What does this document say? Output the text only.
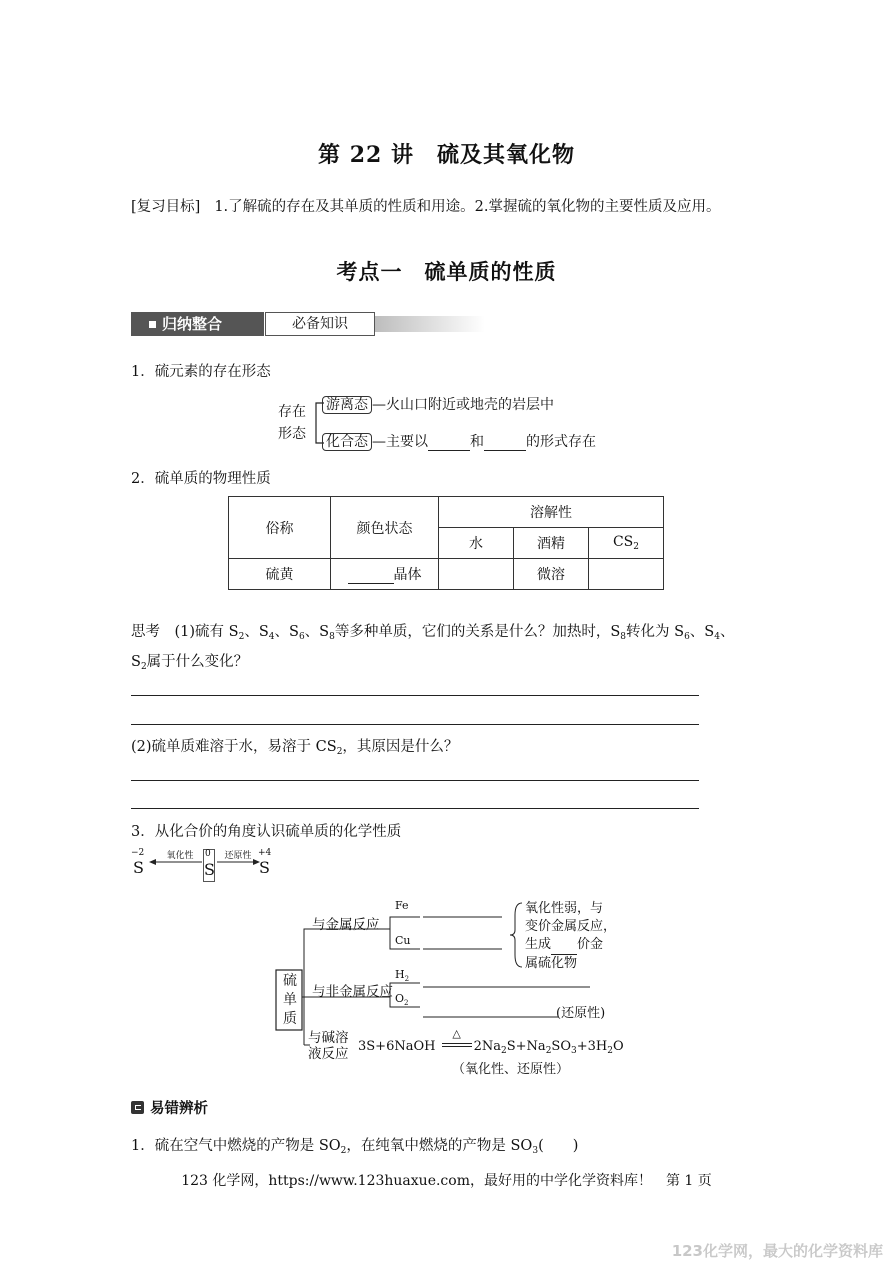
第 22 讲　硫及其氧化物
[复习目标] 1.了解硫的存在及其单质的性质和用途。2.掌握硫的氧化物的主要性质及应用。
考点一　硫单质的性质
归纳整合	必备知识
1．硫元素的存在形态
存在
形态
游离态 —火山口附近或地壳的岩层中
化合态 —主要以	和	的形式存在
2．硫单质的物理性质
俗称	颜色状态	溶解性		
		水	酒精	$CS_2$
硫黄	晶体		微溶	
思考　(1)硫有 $S_2$、$S_4$、$S_6$、$S_8$等多种单质，它们的关系是什么？加热时，$S_8$转化为 $S_6$、$S_4$、
$S_2$属于什么变化？
(2)硫单质难溶于水，易溶于 $CS_2$，其原因是什么？
3．从化合价的角度认识硫单质的化学性质
−2
S
氧化性	0
S
还原性 +4
S
硫
单
质
与金属反应
Fe
Cu
氧化性弱，与
变价金属反应，
生成 价金
属硫化物
与非金属反应
$H_2$
$O_2$
(还原性)
与碱溶
液反应 3S+6NaOH
△
$2Na_2S+Na_2SO_3+3H_2O$
（氧化性、还原性）
易错辨析
1．硫在空气中燃烧的产物是 $SO_2$，在纯氧中燃烧的产物是 $SO_3$(　　)
123 化学网，https://www.123huaxue.com，最好用的中学化学资料库！　第 1 页
123化学网，最大的化学资料库
